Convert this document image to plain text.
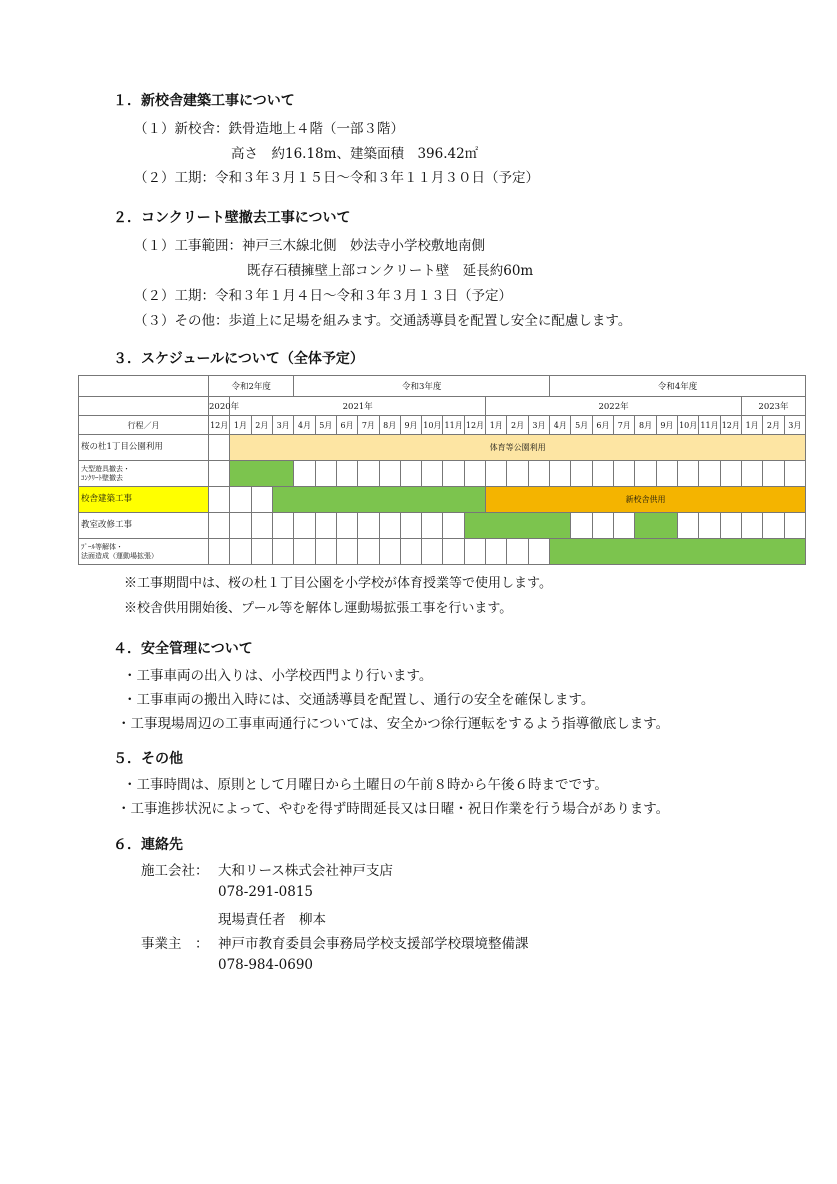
１．新校舎建築工事について
（１）新校舎：鉄骨造地上４階（一部３階）
高さ　約16.18m、建築面積　396.42㎡
（２）工期：令和３年３月１５日～令和３年１１月３０日（予定）
２．コンクリート壁撤去工事について
（１）工事範囲：神戸三木線北側　妙法寺小学校敷地南側
既存石積擁壁上部コンクリート壁　延長約60m
（２）工期：令和３年１月４日～令和３年３月１３日（予定）
（３）その他：歩道上に足場を組みます。交通誘導員を配置し安全に配慮します。
３．スケジュールについて（全体予定）
	令和2年度				令和3年度												令和4年度											
	2020年	2021年												2022年												2023年		
行程／月	12月	1月	2月	3月	4月	5月	6月	7月	8月	9月	10月	11月	12月	1月	2月	3月	4月	5月	6月	7月	8月	9月	10月	11月	12月	1月	2月	3月
桜の杜1丁目公園利用		体育等公園利用																										

大型遊具撤去・
ｺﾝｸﾘｰﾄ壁撤去																												

校舎建築工事														新校舎供用														
教室改修工事																												

ﾌﾟｰﾙ等解体・
法面造成（運動場拡張）																												

※工事期間中は、桜の杜１丁目公園を小学校が体育授業等で使用します。
※校舎供用開始後、プール等を解体し運動場拡張工事を行います。
４．安全管理について
・工事車両の出入りは、小学校西門より行います。
・工事車両の搬出入時には、交通誘導員を配置し、通行の安全を確保します。
・工事現場周辺の工事車両通行については、安全かつ徐行運転をするよう指導徹底します。
５．その他
・工事時間は、原則として月曜日から土曜日の午前８時から午後６時までです。
・工事進捗状況によって、やむを得ず時間延長又は日曜・祝日作業を行う場合があります。
６．連絡先
施工会社： 大和リース株式会社神戸支店
078-291-0815
現場責任者　柳本
事業主　： 神戸市教育委員会事務局学校支援部学校環境整備課
078-984-0690
